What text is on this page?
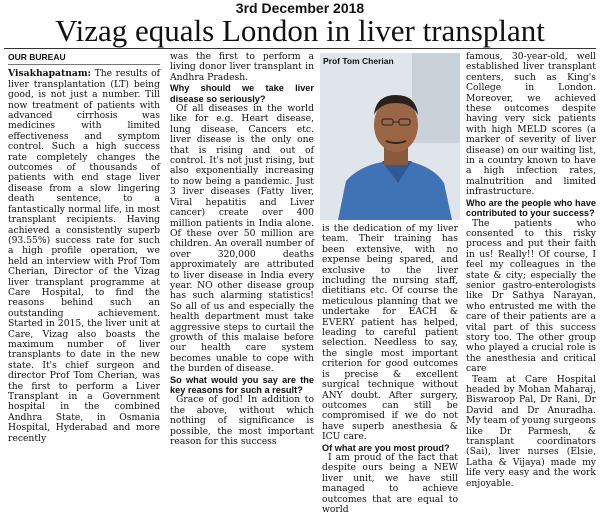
3rd December 2018
Vizag equals London in liver transplant
OUR BUREAU

Visakhapatnam: The results of liver transplantation (LT) being good, is not just a number. Till now treatment of patients with advanced cirrhosis was medicines with limited effectiveness and symptom control. Such a high success rate completely changes the outcomes of thousands of patients with end stage liver disease from a slow lingering death sentence, to a fantastically normal life, in most transplant recipients. Having achieved a consistently superb (93.55%) success rate for such a high profile operation, we held an interview with Prof Tom Cherian, Director of the Vizag liver transplant programme at Care Hospital, to find the reasons behind such an outstanding achievement. Started in 2015, the liver unit at Care, Vizag also boasts the maximum number of liver transplants to date in the new state. It's chief surgeon and director Prof Tom Cherian, was the first to perform a Liver Transplant in a Government hospital in the combined Andhra State, in Osmania Hospital, Hyderabad and more recently

was the first to perform a living donor liver transplant in Andhra Pradesh.

Why should we take liver disease so seriously?

Of all diseases in the world like for e.g. Heart disease, lung disease, Cancers etc. liver disease is the only one that is rising and out of control. It's not just rising, but also exponentially increasing to now being a pandemic. Just 3 liver diseases (Fatty liver, Viral hepatitis and Liver cancer) create over 400 million patients in India alone. Of these over 50 million are children. An overall number of over 320,000 deaths approximately are attributed to liver disease in India every year. NO other disease group has such alarming statistics! So all of us and especially the health department must take aggressive steps to curtail the growth of this malaise before our health care system becomes unable to cope with the burden of disease.

So what would you say are the key reasons for such a result?

Grace of god! In addition to the above, without which nothing of significance is possible, the most important reason for this success

Prof Tom Cherian

is the dedication of my liver team. Their training has been extensive, with no expense being spared, and exclusive to the liver including the nursing staff, dietitians etc. Of course the meticulous planning that we undertake for EACH & EVERY patient has helped, leading to careful patient selection. Needless to say, the single most important criterion for good outcomes is precise & excellent surgical technique without ANY doubt. After surgery, outcomes can still be compromised if we do not have superb anesthesia & ICU care.

Of what are you most proud?

I am proud of the fact that despite ours being a NEW liver unit, we have still managed to achieve outcomes that are equal to world

famous, 30-year-old, well established liver transplant centers, such as King's College in London. Moreover, we achieved these outcomes despite having very sick patients with high MELD scores (a marker of severity of liver disease) on our waiting list, in a country known to have a high infection rates, malnutrition and limited infrastructure.

Who are the people who have contributed to your success?

The patients who consented to this risky process and put their faith in us! Really!! Of course, I feel my colleagues in the state & city; especially the senior gastro-enterologists like Dr Sathya Narayan, who entrusted me with the care of their patients are a vital part of this success story too. The other group who played a crucial role is the anesthesia and critical care

Team at Care Hospital headed by Mohan Maharaj, Biswaroop Pal, Dr Rani, Dr David and Dr Anuradha. My team of young surgeons like Dr Parmesh, & transplant coordinators (Sai), liver nurses (Elsie, Latha & Vijaya) made my life very easy and the work enjoyable.
